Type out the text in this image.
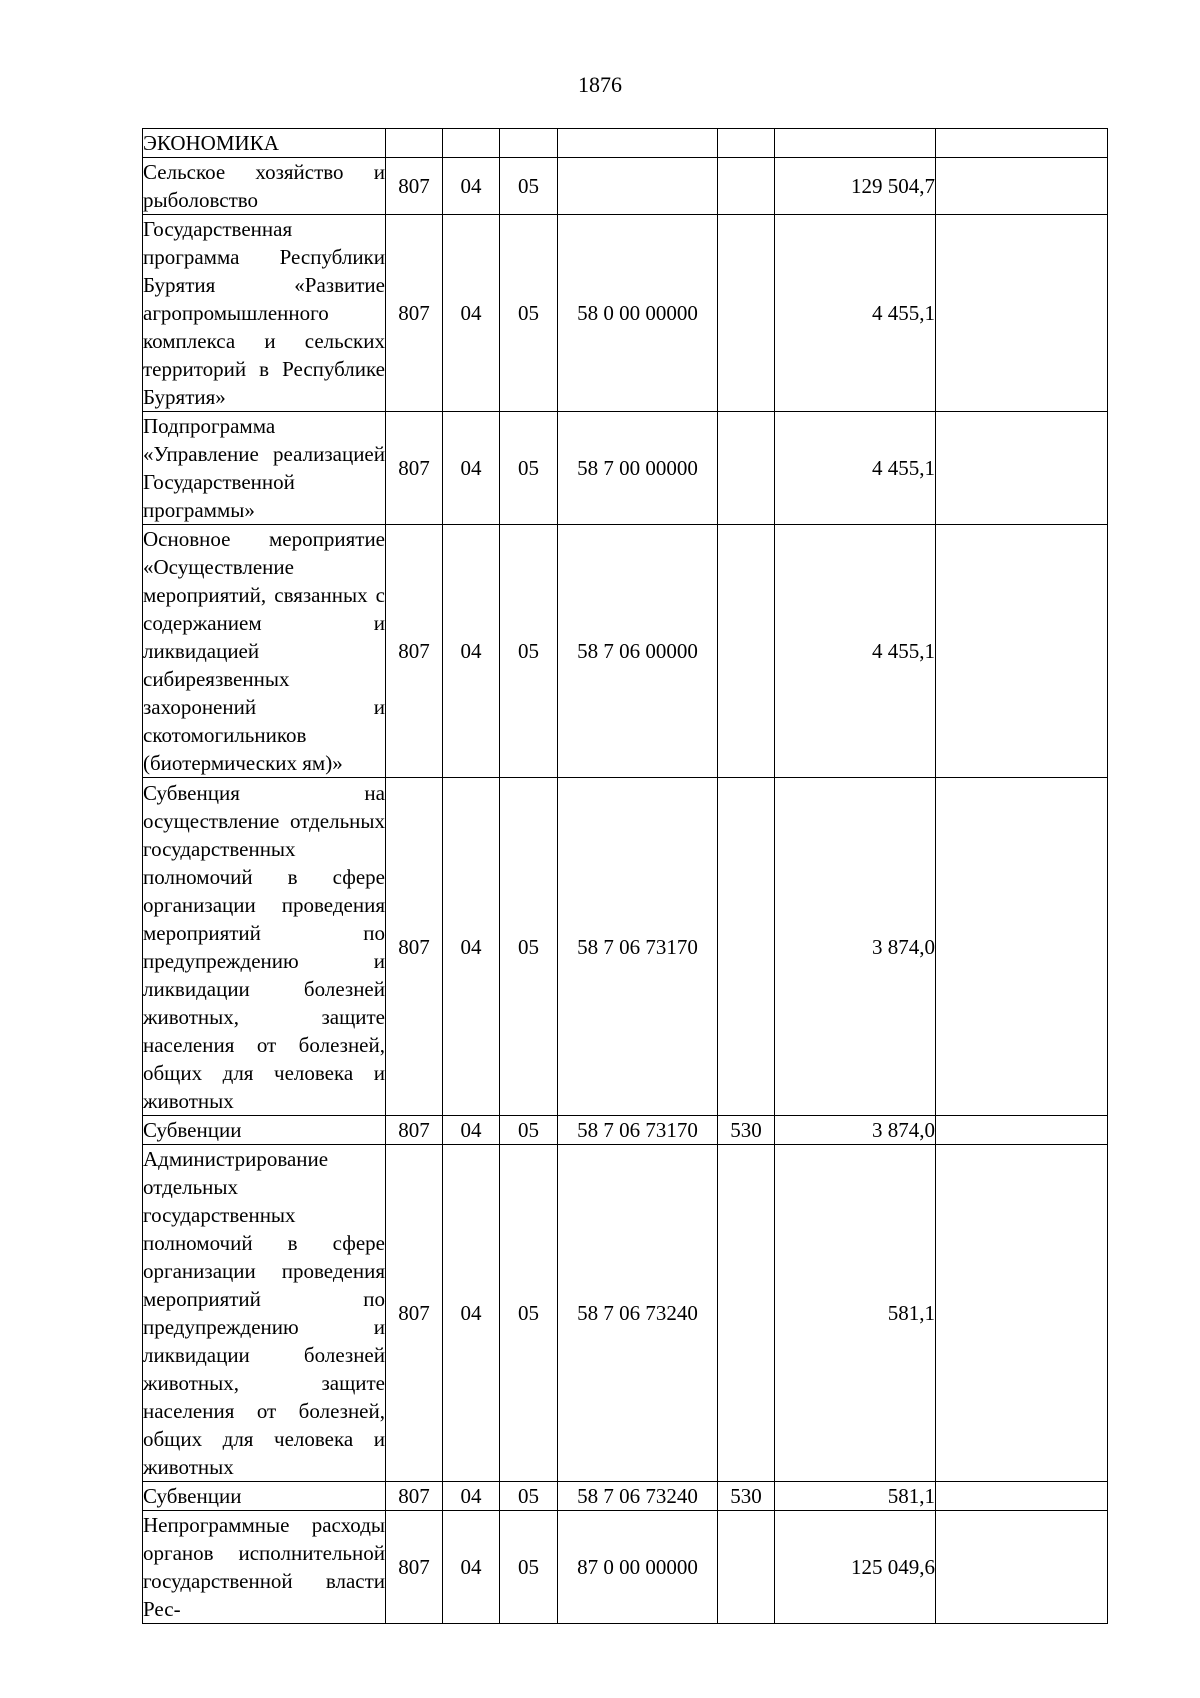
1876
ЭКОНОМИКА							
Сельское хозяйство и рыболовство	807	04	05			129 504,7	
Государственная программа Республики Бурятия «Развитие агропромышленного комплекса и сельских территорий в Республике Бурятия»	807	04	05	58 0 00 00000		4 455,1	
Подпрограмма «Управление реализацией Государственной программы»	807	04	05	58 7 00 00000		4 455,1	
Основное мероприятие «Осуществление мероприятий, связанных с содержанием и ликвидацией сибиреязвенных захоронений и скотомогильников (биотермических ям)»	807	04	05	58 7 06 00000		4 455,1	
Субвенция на осуществление отдельных государственных полномочий в сфере организации проведения мероприятий по предупреждению и ликвидации болезней животных, защите населения от болезней, общих для человека и животных	807	04	05	58 7 06 73170		3 874,0	
Субвенции	807	04	05	58 7 06 73170	530	3 874,0	
Администрирование отдельных государственных полномочий в сфере организации проведения мероприятий по предупреждению и ликвидации болезней животных, защите населения от болезней, общих для человека и животных	807	04	05	58 7 06 73240		581,1	
Субвенции	807	04	05	58 7 06 73240	530	581,1	
Непрограммные расходы органов исполнительной государственной власти Рес-	807	04	05	87 0 00 00000		125 049,6	
